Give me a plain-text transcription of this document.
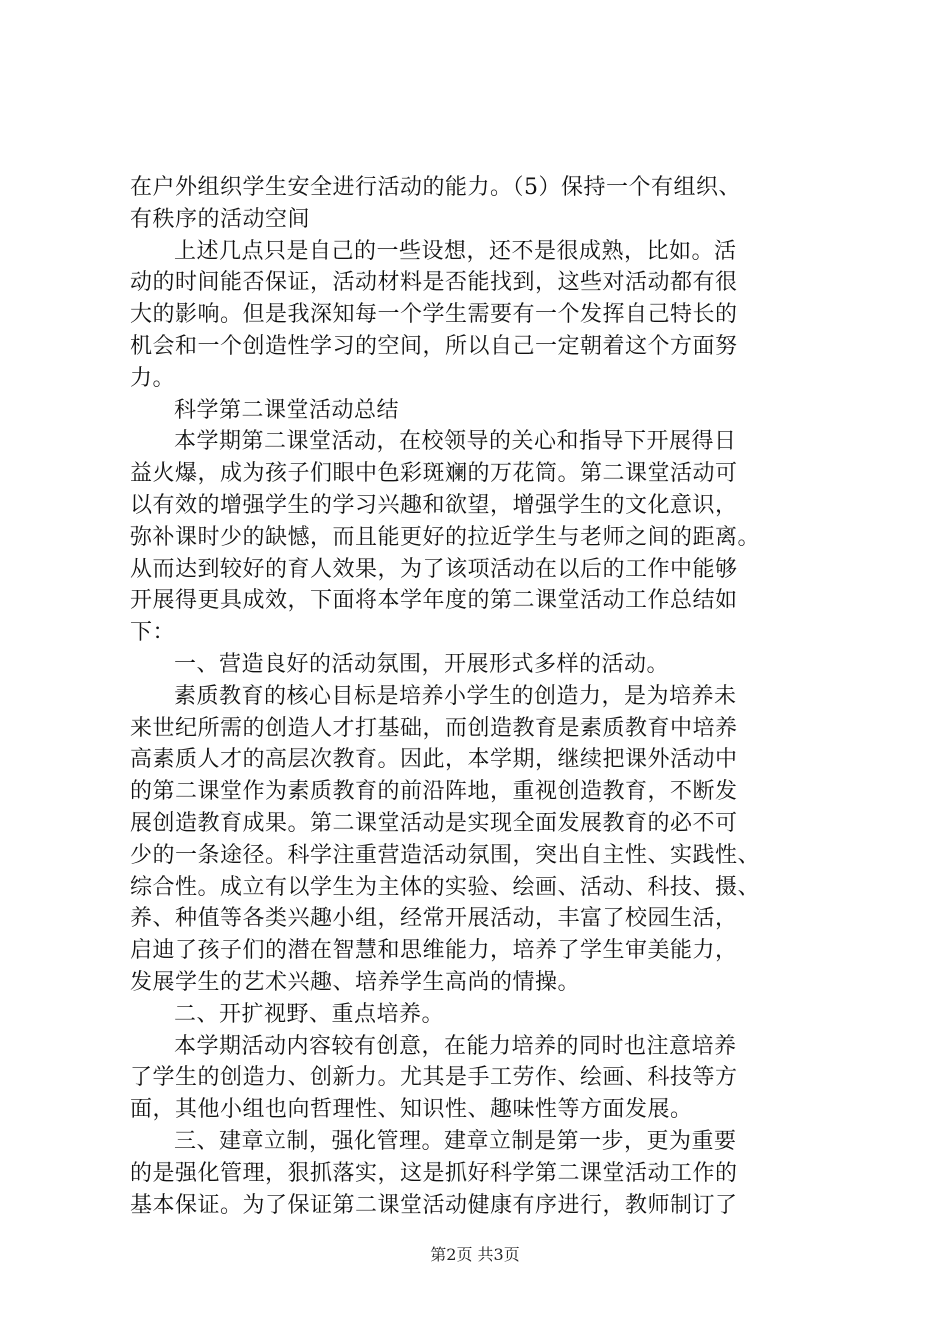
在户外组织学生安全进行活动的能力。（5）保持一个有组织、
有秩序的活动空间
上述几点只是自己的一些设想，还不是很成熟，比如。活
动的时间能否保证，活动材料是否能找到，这些对活动都有很
大的影响。但是我深知每一个学生需要有一个发挥自己特长的
机会和一个创造性学习的空间，所以自己一定朝着这个方面努
力。
科学第二课堂活动总结
本学期第二课堂活动，在校领导的关心和指导下开展得日
益火爆，成为孩子们眼中色彩斑斓的万花筒。第二课堂活动可
以有效的增强学生的学习兴趣和欲望，增强学生的文化意识，
弥补课时少的缺憾，而且能更好的拉近学生与老师之间的距离。
从而达到较好的育人效果，为了该项活动在以后的工作中能够
开展得更具成效，下面将本学年度的第二课堂活动工作总结如
下：
一、营造良好的活动氛围，开展形式多样的活动。
素质教育的核心目标是培养小学生的创造力，是为培养未
来世纪所需的创造人才打基础，而创造教育是素质教育中培养
高素质人才的高层次教育。因此，本学期，继续把课外活动中
的第二课堂作为素质教育的前沿阵地，重视创造教育，不断发
展创造教育成果。第二课堂活动是实现全面发展教育的必不可
少的一条途径。科学注重营造活动氛围，突出自主性、实践性、
综合性。成立有以学生为主体的实验、绘画、活动、科技、摄、
养、种值等各类兴趣小组，经常开展活动，丰富了校园生活，
启迪了孩子们的潜在智慧和思维能力，培养了学生审美能力，
发展学生的艺术兴趣、培养学生高尚的情操。
二、开扩视野、重点培养。
本学期活动内容较有创意，在能力培养的同时也注意培养
了学生的创造力、创新力。尤其是手工劳作、绘画、科技等方
面，其他小组也向哲理性、知识性、趣味性等方面发展。
三、建章立制，强化管理。建章立制是第一步，更为重要
的是强化管理，狠抓落实，这是抓好科学第二课堂活动工作的
基本保证。为了保证第二课堂活动健康有序进行，教师制订了
第2页 共3页
